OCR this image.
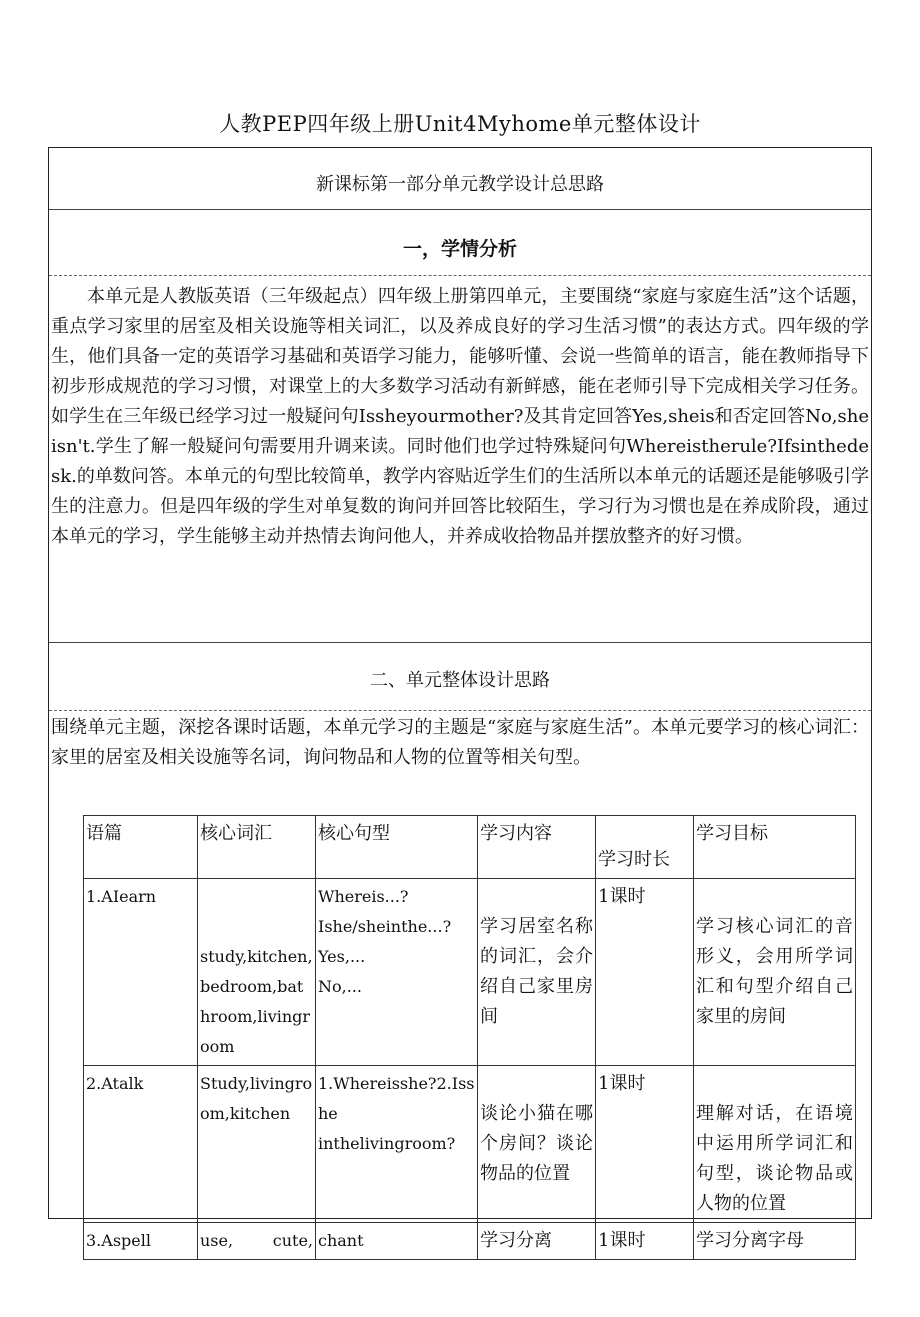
人教PEP四年级上册Unit4Myhome单元整体设计
新课标第一部分单元教学设计总思路
一，学情分析

本单元是人教版英语（三年级起点）四年级上册第四单元，主要围绕“家庭与家庭生活”这个话题，重点学习家里的居室及相关设施等相关词汇，以及养成良好的学习生活习惯”的表达方式。四年级的学生，他们具备一定的英语学习基础和英语学习能力，能够听懂、会说一些简单的语言，能在教师指导下初步形成规范的学习习惯，对课堂上的大多数学习活动有新鲜感，能在老师引导下完成相关学习任务。如学生在三年级已经学习过一般疑问句Issheyourmother?及其肯定回答Yes,sheis和否定回答No,sheisn't.学生了解一般疑问句需要用升调来读。同时他们也学过特殊疑问句Whereistherule?Ifsinthedesk.的单数问答。本单元的句型比较简单，教学内容贴近学生们的生活所以本单元的话题还是能够吸引学生的注意力。但是四年级的学生对单复数的询问并回答比较陌生，学习行为习惯也是在养成阶段，通过本单元的学习，学生能够主动并热情去询问他人，并养成收拾物品并摆放整齐的好习惯。

二、单元整体设计思路

围绕单元主题，深挖各课时话题，本单元学习的主题是“家庭与家庭生活”。本单元要学习的核心词汇：家里的居室及相关设施等名词，询问物品和人物的位置等相关句型。

语篇	核心词汇	核心句型	学习内容	学习时长	学习目标
1.AIearn	study,kitchen,bedroom,bathroom,livingroom	Whereis...?
Ishe/sheinthe...?
Yes,...
No,...	学习居室名称的词汇，会介绍自己家里房间	1课时	学习核心词汇的音形义，会用所学词汇和句型介绍自己家里的房间
2.Atalk	Study,livingroom,kitchen	1.Whereisshe?2.Isshe
inthelivingroom?	谈论小猫在哪个房间？谈论物品的位置	1课时	理解对话，在语境中运用所学词汇和句型，谈论物品或人物的位置
3.Aspell	use, cute,	chant	学习分离	1课时	学习分离字母
